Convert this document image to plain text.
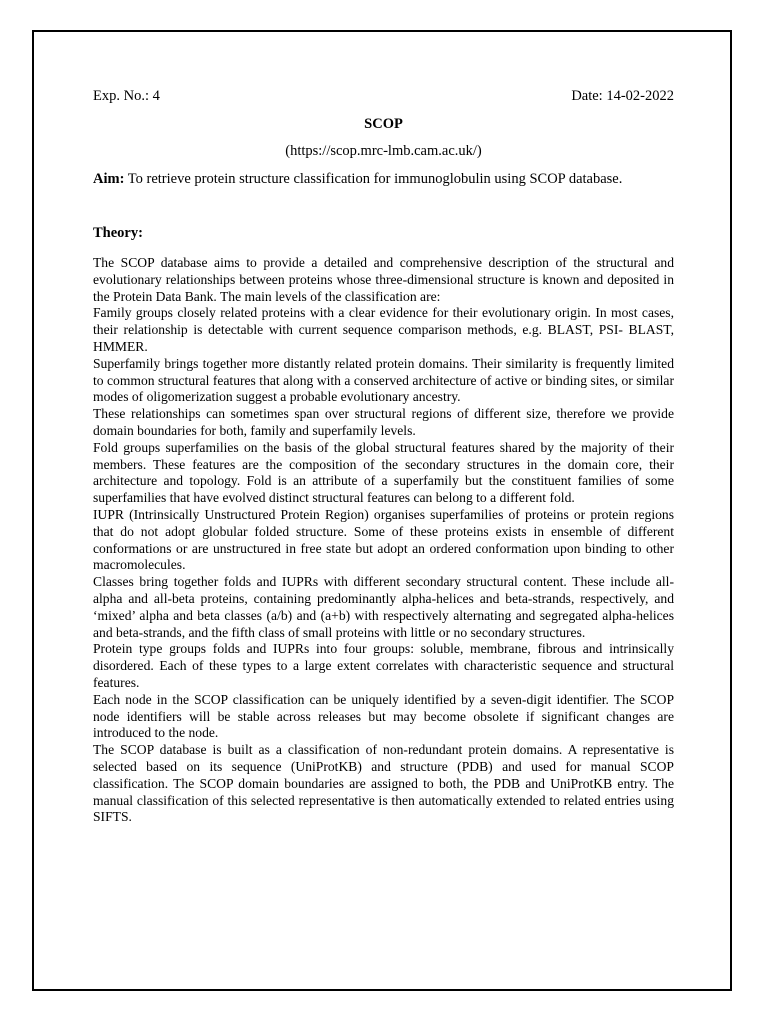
Exp. No.: 4	Date: 14-02-2022
SCOP
(https://scop.mrc-lmb.cam.ac.uk/)
Aim: To retrieve protein structure classification for immunoglobulin using SCOP database.
Theory:

The SCOP database aims to provide a detailed and comprehensive description of the structural and evolutionary relationships between proteins whose three-dimensional structure is known and deposited in the Protein Data Bank. The main levels of the classification are:

Family groups closely related proteins with a clear evidence for their evolutionary origin. In most cases, their relationship is detectable with current sequence comparison methods, e.g. BLAST, PSI- BLAST, HMMER.

Superfamily brings together more distantly related protein domains. Their similarity is frequently limited to common structural features that along with a conserved architecture of active or binding sites, or similar modes of oligomerization suggest a probable evolutionary ancestry.

These relationships can sometimes span over structural regions of different size, therefore we provide domain boundaries for both, family and superfamily levels.

Fold groups superfamilies on the basis of the global structural features shared by the majority of their members. These features are the composition of the secondary structures in the domain core, their architecture and topology. Fold is an attribute of a superfamily but the constituent families of some superfamilies that have evolved distinct structural features can belong to a different fold.

IUPR (Intrinsically Unstructured Protein Region) organises superfamilies of proteins or protein regions that do not adopt globular folded structure. Some of these proteins exists in ensemble of different conformations or are unstructured in free state but adopt an ordered conformation upon binding to other macromolecules.

Classes bring together folds and IUPRs with different secondary structural content. These include all-alpha and all-beta proteins, containing predominantly alpha-helices and beta-strands, respectively, and ‘mixed’ alpha and beta classes (a/b) and (a+b) with respectively alternating and segregated alpha-helices and beta-strands, and the fifth class of small proteins with little or no secondary structures.

Protein type groups folds and IUPRs into four groups: soluble, membrane, fibrous and intrinsically disordered. Each of these types to a large extent correlates with characteristic sequence and structural features.

Each node in the SCOP classification can be uniquely identified by a seven-digit identifier. The SCOP node identifiers will be stable across releases but may become obsolete if significant changes are introduced to the node.

The SCOP database is built as a classification of non-redundant protein domains. A representative is selected based on its sequence (UniProtKB) and structure (PDB) and used for manual SCOP classification. The SCOP domain boundaries are assigned to both, the PDB and UniProtKB entry. The manual classification of this selected representative is then automatically extended to related entries using SIFTS.
